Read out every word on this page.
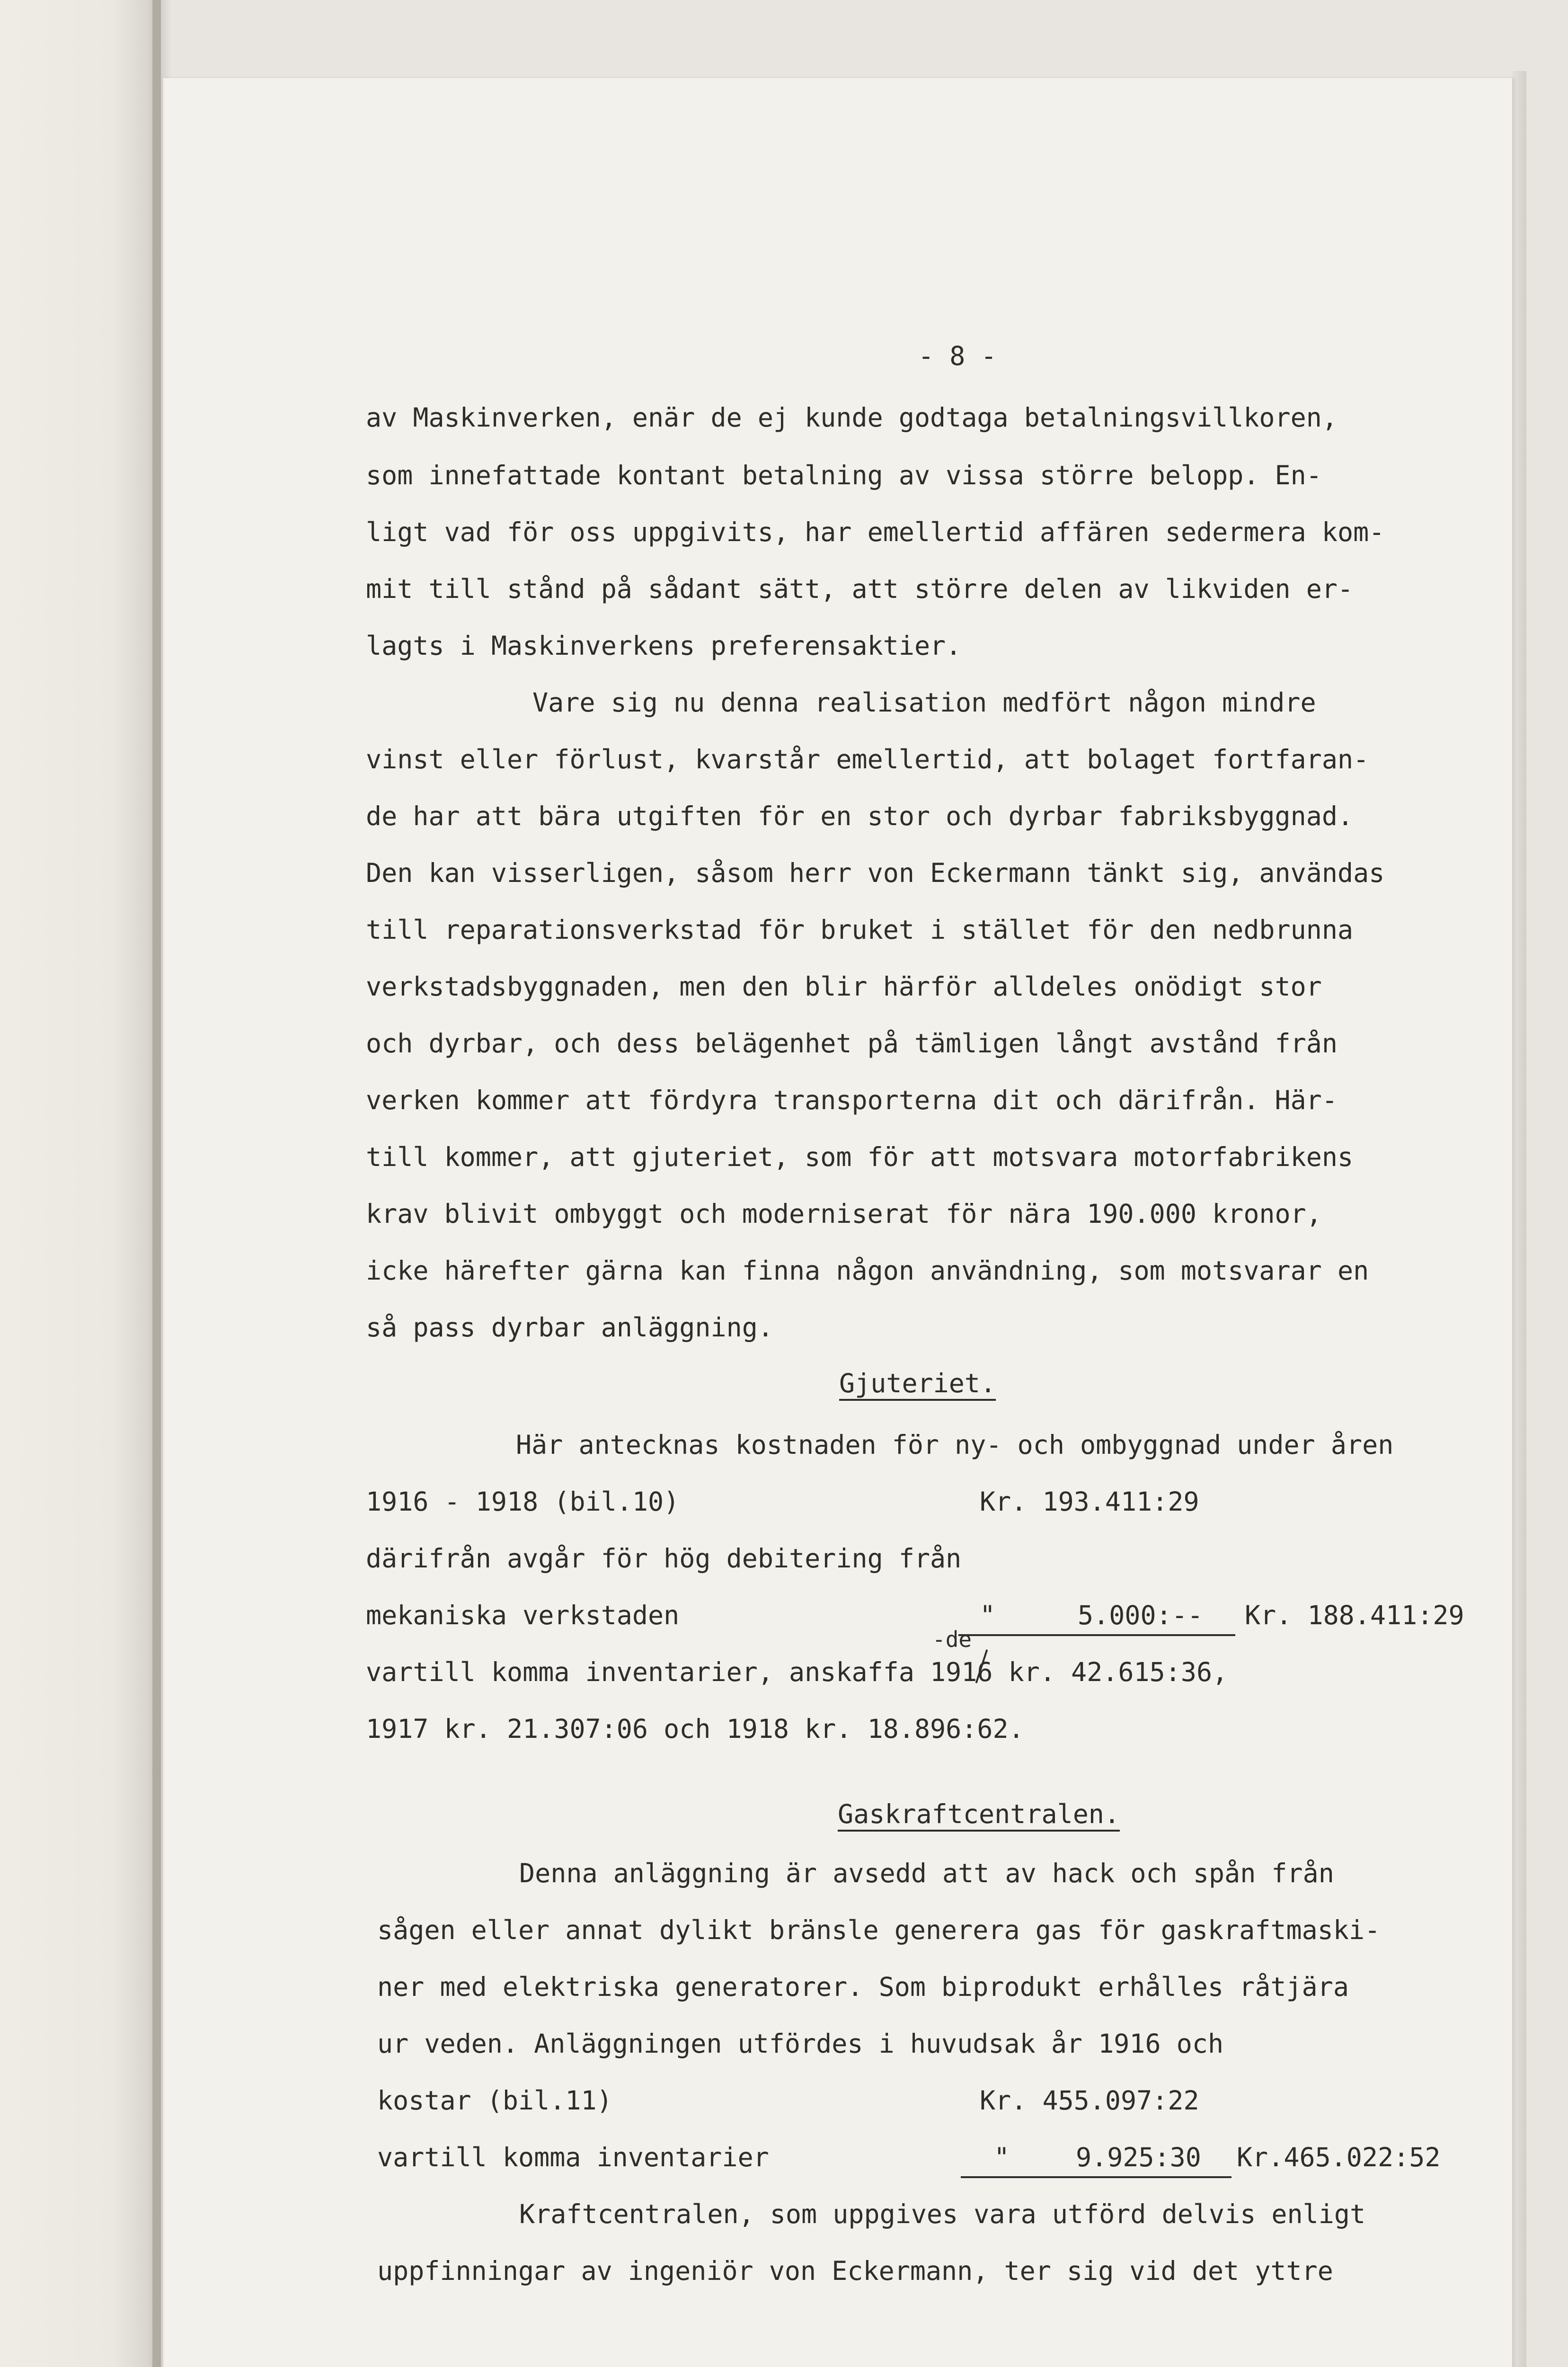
- 8 -
av Maskinverken, enär de ej kunde godtaga betalningsvillkoren,
som innefattade kontant betalning av vissa större belopp. En-
ligt vad för oss uppgivits, har emellertid affären sedermera kom-
mit till stånd på sådant sätt, att större delen av likviden er-
lagts i Maskinverkens preferensaktier.
Vare sig nu denna realisation medfört någon mindre
vinst eller förlust, kvarstår emellertid, att bolaget fortfaran-
de har att bära utgiften för en stor och dyrbar fabriksbyggnad.
Den kan visserligen, såsom herr von Eckermann tänkt sig, användas
till reparationsverkstad för bruket i stället för den nedbrunna
verkstadsbyggnaden, men den blir härför alldeles onödigt stor
och dyrbar, och dess belägenhet på tämligen långt avstånd från
verken kommer att fördyra transporterna dit och därifrån. Här-
till kommer, att gjuteriet, som för att motsvara motorfabrikens
krav blivit ombyggt och moderniserat för nära 190.000 kronor,
icke härefter gärna kan finna någon användning, som motsvarar en
så pass dyrbar anläggning.
Gjuteriet.
Här antecknas kostnaden för ny- och ombyggnad under åren
1916 - 1918 (bil.10)	Kr. 193.411:29
därifrån avgår för hög debitering från
mekaniska verkstaden	"	5.000:-- Kr. 188.411:29
-de
vartill komma inventarier, anskaffa 1916 kr. 42.615:36,
1917 kr. 21.307:06 och 1918 kr. 18.896:62.
Gaskraftcentralen.
Denna anläggning är avsedd att av hack och spån från
sågen eller annat dylikt bränsle generera gas för gaskraftmaski-
ner med elektriska generatorer. Som biprodukt erhålles råtjära
ur veden. Anläggningen utfördes i huvudsak år 1916 och
kostar (bil.11)	Kr. 455.097:22
vartill komma inventarier	"	9.925:30 Kr.465.022:52
Kraftcentralen, som uppgives vara utförd delvis enligt
uppfinningar av ingeniör von Eckermann, ter sig vid det yttre
